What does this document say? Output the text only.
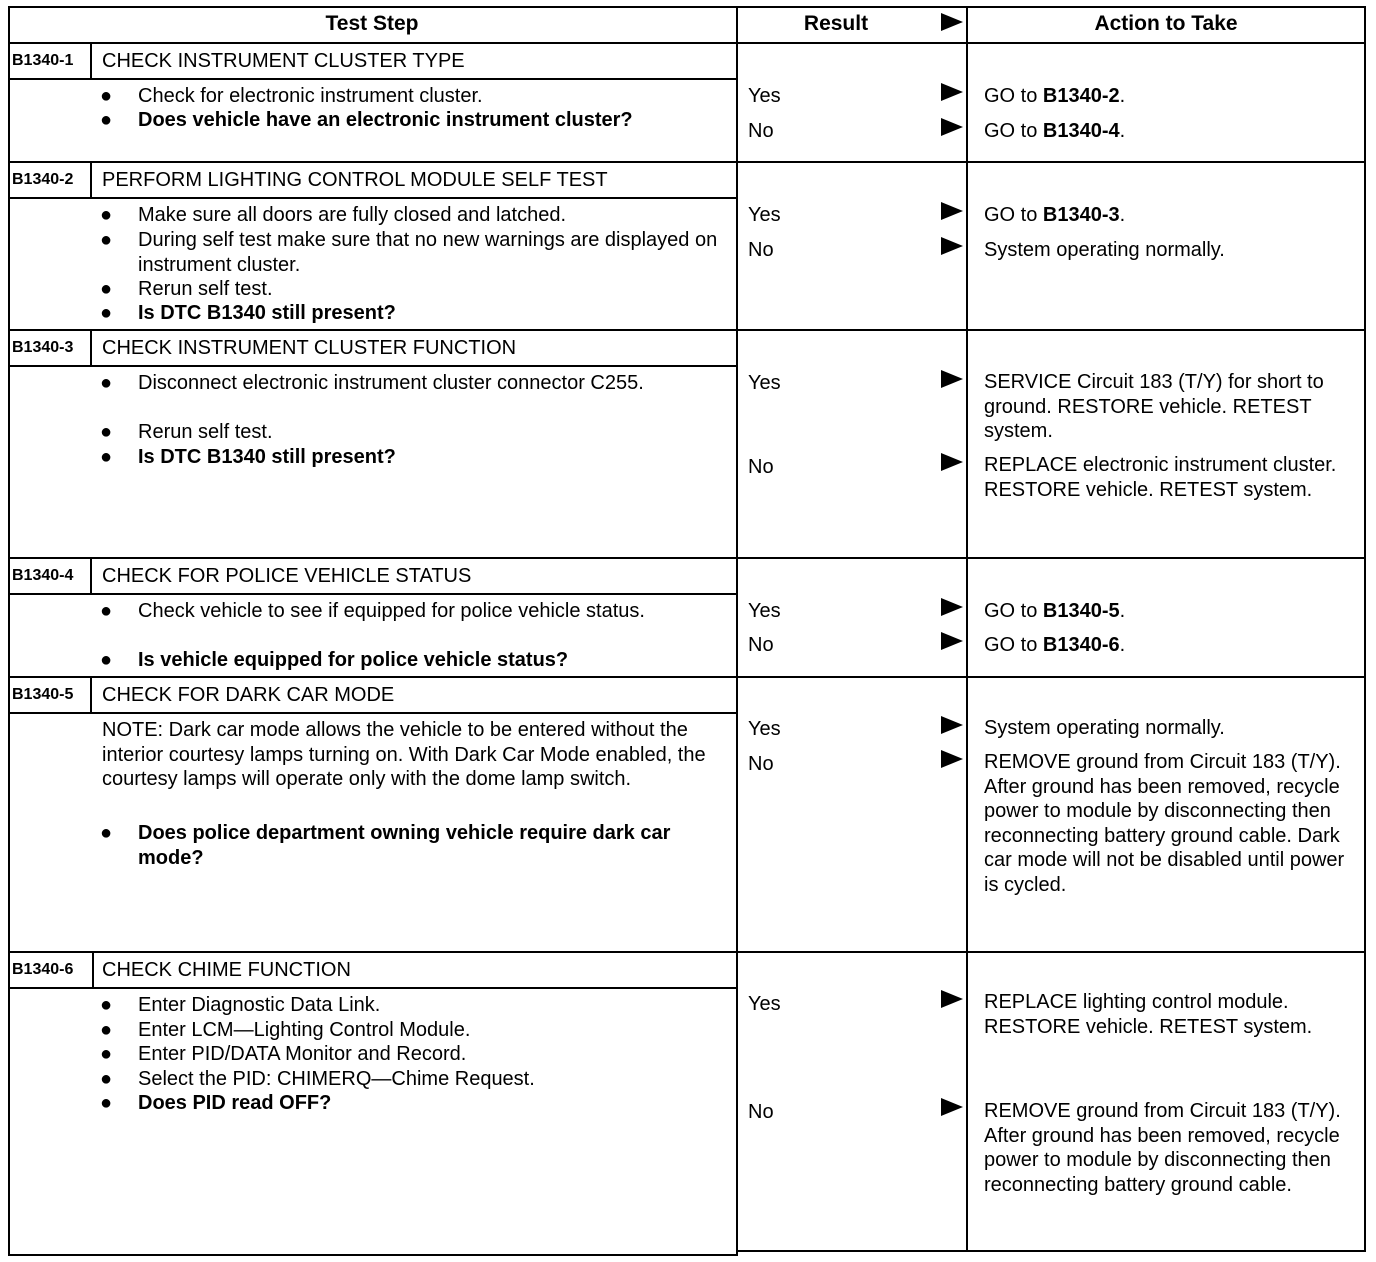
Test Step	Result	Action to Take
B1340-1	CHECK INSTRUMENT CLUSTER TYPE
● Check for electronic instrument cluster.
● Does vehicle have an electronic instrument cluster?
Yes	GO to B1340-2.
No	GO to B1340-4.
B1340-2	PERFORM LIGHTING CONTROL MODULE SELF TEST
● Make sure all doors are fully closed and latched.
● During self test make sure that no new warnings are displayed on instrument cluster.
● Rerun self test.
● Is DTC B1340 still present?
Yes	GO to B1340-3.
No	System operating normally.
B1340-3	CHECK INSTRUMENT CLUSTER FUNCTION
● Disconnect electronic instrument cluster connector C255.
● Rerun self test.
● Is DTC B1340 still present?
Yes	SERVICE Circuit 183 (T/Y) for short to ground. RESTORE vehicle. RETEST system.
No	REPLACE electronic instrument cluster. RESTORE vehicle. RETEST system.
B1340-4	CHECK FOR POLICE VEHICLE STATUS
● Check vehicle to see if equipped for police vehicle status.
● Is vehicle equipped for police vehicle status?
Yes	GO to B1340-5.
No	GO to B1340-6.
B1340-5	CHECK FOR DARK CAR MODE
NOTE: Dark car mode allows the vehicle to be entered without the interior courtesy lamps turning on. With Dark Car Mode enabled, the courtesy lamps will operate only with the dome lamp switch.
● Does police department owning vehicle require dark car mode?
Yes	System operating normally.
No	REMOVE ground from Circuit 183 (T/Y). After ground has been removed, recycle power to module by disconnecting then reconnecting battery ground cable. Dark car mode will not be disabled until power is cycled.
B1340-6	CHECK CHIME FUNCTION
● Enter Diagnostic Data Link.
● Enter LCM—Lighting Control Module.
● Enter PID/DATA Monitor and Record.
● Select the PID: CHIMERQ—Chime Request.
● Does PID read OFF?
Yes	REPLACE lighting control module. RESTORE vehicle. RETEST system.
No	REMOVE ground from Circuit 183 (T/Y). After ground has been removed, recycle power to module by disconnecting then reconnecting battery ground cable.
